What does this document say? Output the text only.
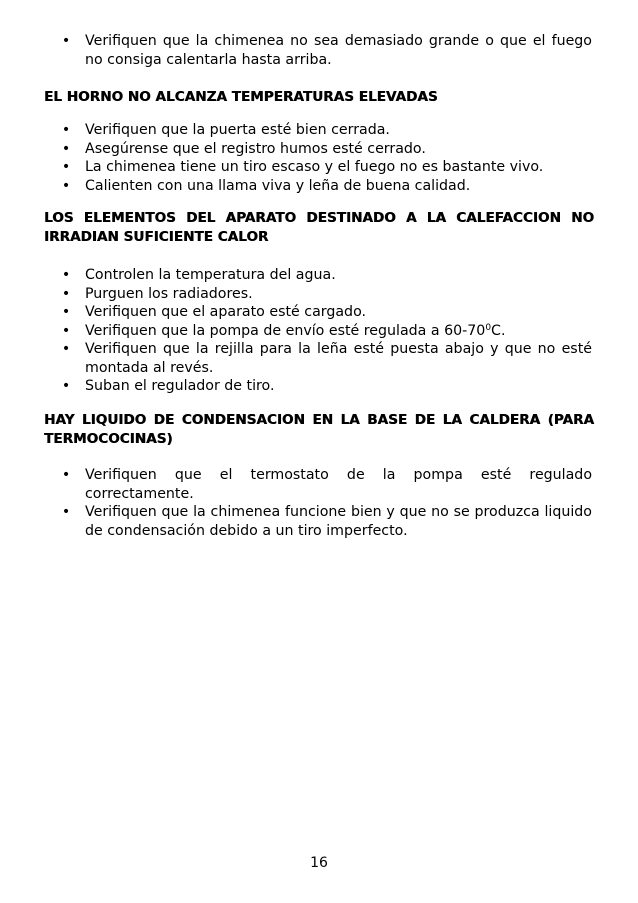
• Verifiquen que la chimenea no sea demasiado grande o que el fuego no consiga calentarla hasta arriba.
EL HORNO NO ALCANZA TEMPERATURAS ELEVADAS
• Verifiquen que la puerta esté bien cerrada.
• Asegúrense que el registro humos esté cerrado.
• La chimenea tiene un tiro escaso y el fuego no es bastante vivo.
• Calienten con una llama viva y leña de buena calidad.
LOS ELEMENTOS DEL APARATO DESTINADO A LA CALEFACCION NO IRRADIAN SUFICIENTE CALOR
• Controlen la temperatura del agua.
• Purguen los radiadores.
• Verifiquen que el aparato esté cargado.
• Verifiquen que la pompa de envío esté regulada a $60-70^0C$.
• Verifiquen que la rejilla para la leña esté puesta abajo y que no esté montada al revés.
• Suban el regulador de tiro.
HAY LIQUIDO DE CONDENSACION EN LA BASE DE LA CALDERA (PARA TERMOCOCINAS)
• Verifiquen que el termostato de la pompa esté regulado correctamente.
• Verifiquen que la chimenea funcione bien y que no se produzca liquido de condensación debido a un tiro imperfecto.
16
